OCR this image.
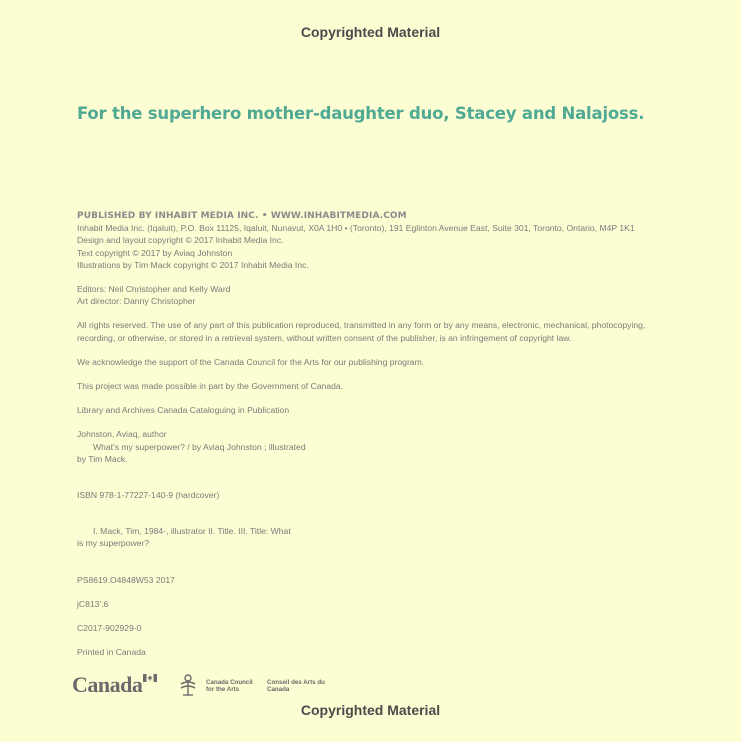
Copyrighted Material
For the superhero mother-daughter duo, Stacey and Nalajoss.

PUBLISHED BY INHABIT MEDIA INC. • WWW.INHABITMEDIA.COM

Inhabit Media Inc. (Iqaluit), P.O. Box 11125, Iqaluit, Nunavut, X0A 1H0 • (Toronto), 191 Eglinton Avenue East, Suite 301, Toronto, Ontario, M4P 1K1

Design and layout copyright © 2017 Inhabit Media Inc.

Text copyright © 2017 by Aviaq Johnston

Illustrations by Tim Mack copyright © 2017 Inhabit Media Inc.

Editors: Neil Christopher and Kelly Ward

Art director: Danny Christopher

All rights reserved. The use of any part of this publication reproduced, transmitted in any form or by any means, electronic, mechanical, photocopying,

recording, or otherwise, or stored in a retrieval system, without written consent of the publisher, is an infringement of copyright law.

We acknowledge the support of the Canada Council for the Arts for our publishing program.

This project was made possible in part by the Government of Canada.

Library and Archives Canada Cataloguing in Publication

Johnston, Aviaq, author

What's my superpower? / by Aviaq Johnston ; illustrated

by Tim Mack.

ISBN 978-1-77227-140-9 (hardcover)

I. Mack, Tim, 1984-, illustrator II. Title. III. Title: What

is my superpower?

PS8619.O4848W53 2017

jC813'.6

C2017-902929-0

Printed in Canada

Canada	Canada Council for the Arts
Conseil des Arts du Canada
Copyrighted Material
